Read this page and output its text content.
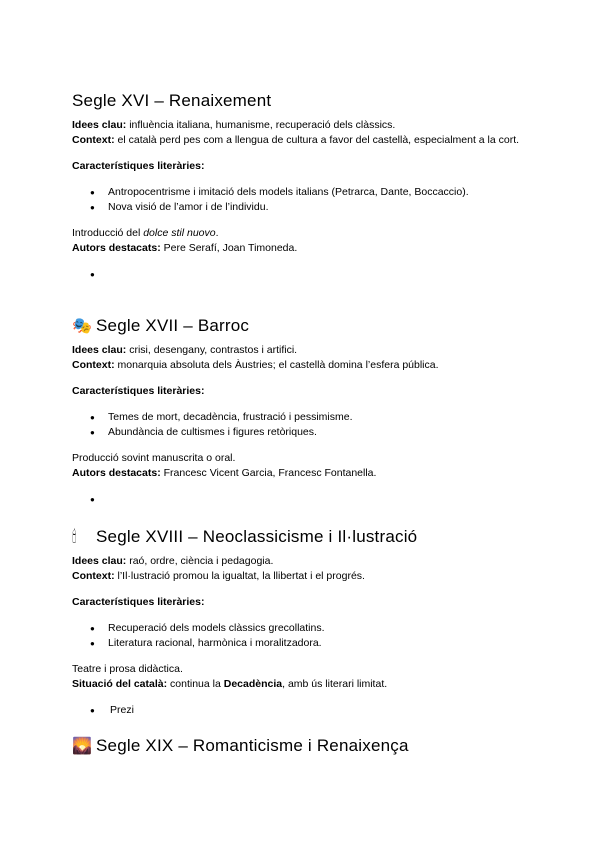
Segle XVI – Renaixement

Idees clau: influència italiana, humanisme, recuperació dels clàssics.

Context: el català perd pes com a llengua de cultura a favor del castellà, especialment a la cort.

Característiques literàries:

● Antropocentrisme i imitació dels models italians (Petrarca, Dante, Boccaccio).
● Nova visió de l’amor i de l’individu.

Introducció del dolce stil nuovo.

Autors destacats: Pere Serafí, Joan Timoneda.

●
🎭 Segle XVII – Barroc

Idees clau: crisi, desengany, contrastos i artifici.

Context: monarquia absoluta dels Àustries; el castellà domina l’esfera pública.

Característiques literàries:

● Temes de mort, decadència, frustració i pessimisme.
● Abundància de cultismes i figures retòriques.

Producció sovint manuscrita o oral.

Autors destacats: Francesc Vicent Garcia, Francesc Fontanella.

●
🕯 Segle XVIII – Neoclassicisme i Il·lustració

Idees clau: raó, ordre, ciència i pedagogia.

Context: l’Il·lustració promou la igualtat, la llibertat i el progrés.

Característiques literàries:

● Recuperació dels models clàssics grecollatins.
● Literatura racional, harmònica i moralitzadora.

Teatre i prosa didàctica.

Situació del català: continua la Decadència, amb ús literari limitat.

● Prezi
🌄 Segle XIX – Romanticisme i Renaixença
